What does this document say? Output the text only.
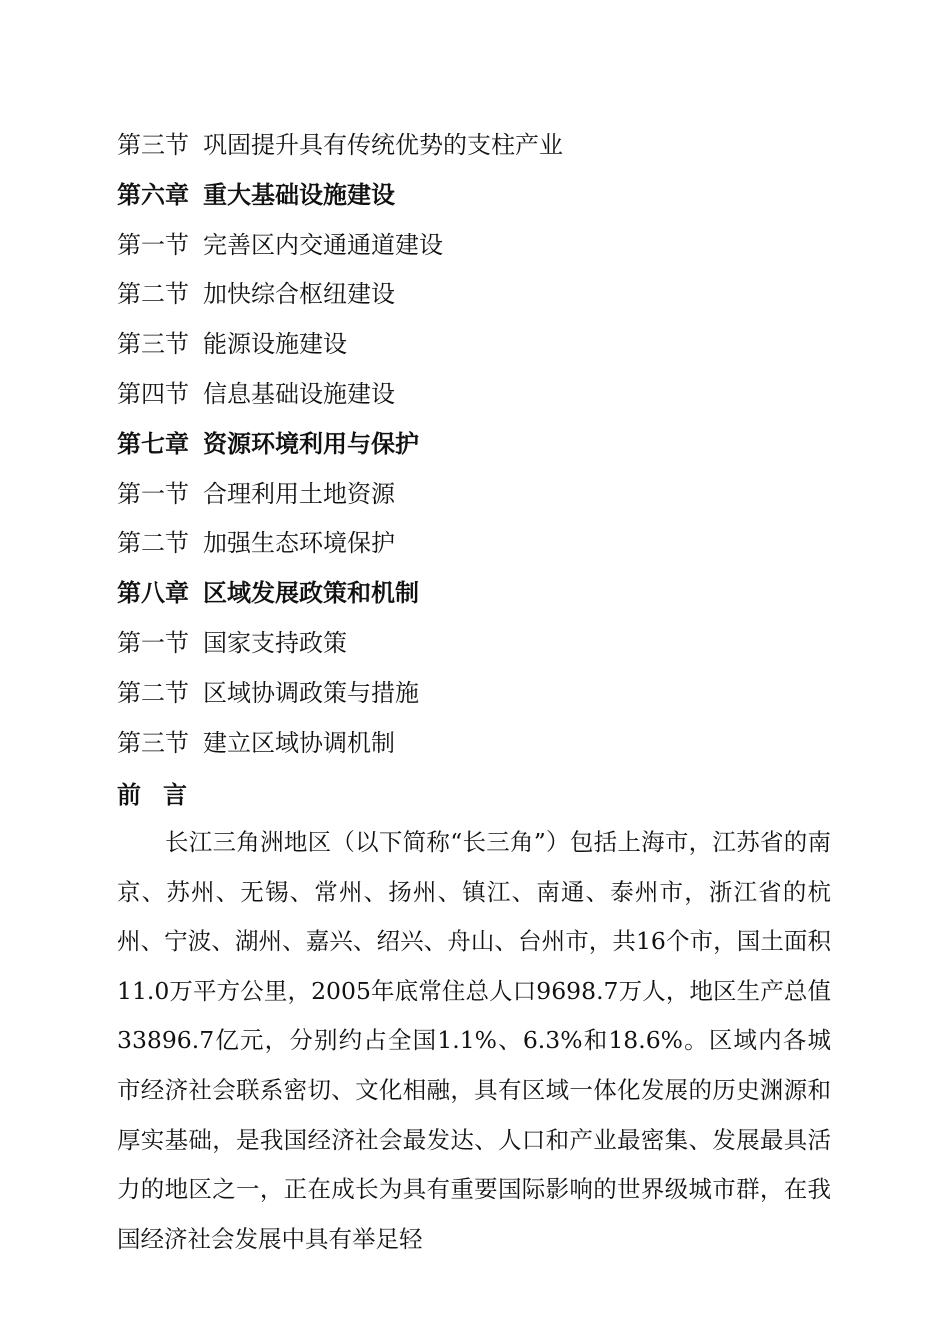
第三节 巩固提升具有传统优势的支柱产业
第六章 重大基础设施建设
第一节 完善区内交通通道建设
第二节 加快综合枢纽建设
第三节 能源设施建设
第四节 信息基础设施建设
第七章 资源环境利用与保护
第一节 合理利用土地资源
第二节 加强生态环境保护
第八章 区域发展政策和机制
第一节 国家支持政策
第二节 区域协调政策与措施
第三节 建立区域协调机制
前言

长江三角洲地区（以下简称“长三角”）包括上海市，江苏省的南京、苏州、无锡、常州、扬州、镇江、南通、泰州市，浙江省的杭州、宁波、湖州、嘉兴、绍兴、舟山、台州市，共16个市，国土面积11.0万平方公里，2005年底常住总人口9698.7万人，地区生产总值33896.7亿元，分别约占全国1.1%、6.3%和18.6%。区域内各城市经济社会联系密切、文化相融，具有区域一体化发展的历史渊源和厚实基础，是我国经济社会最发达、人口和产业最密集、发展最具活力的地区之一，正在成长为具有重要国际影响的世界级城市群，在我国经济社会发展中具有举足轻
